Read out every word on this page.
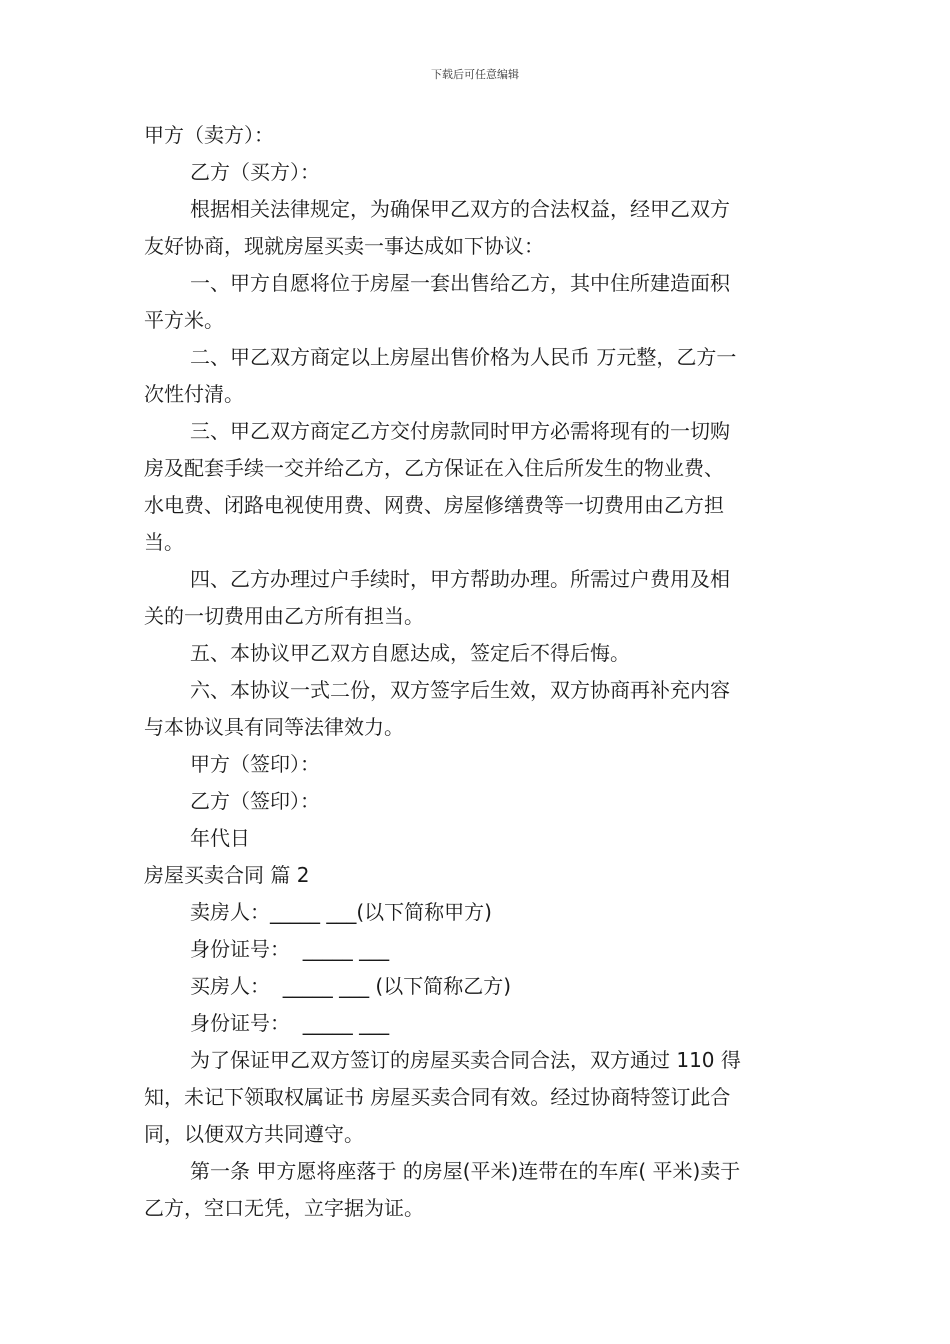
下载后可任意编辑
甲方（卖方）：
乙方（买方）：
根据相关法律规定，为确保甲乙双方的合法权益，经甲乙双方
友好协商，现就房屋买卖一事达成如下协议：
一、甲方自愿将位于房屋一套出售给乙方，其中住所建造面积
平方米。
二、甲乙双方商定以上房屋出售价格为人民币 万元整，乙方一
次性付清。
三、甲乙双方商定乙方交付房款同时甲方必需将现有的一切购
房及配套手续一交并给乙方，乙方保证在入住后所发生的物业费、
水电费、闭路电视使用费、网费、房屋修缮费等一切费用由乙方担
当。
四、乙方办理过户手续时，甲方帮助办理。所需过户费用及相
关的一切费用由乙方所有担当。
五、本协议甲乙双方自愿达成，签定后不得后悔。
六、本协议一式二份，双方签字后生效，双方协商再补充内容
与本协议具有同等法律效力。
甲方（签印）：
乙方（签印）：
年代日
房屋买卖合同 篇 2
卖房人：_____ ___(以下简称甲方)
身份证号：  _____ ___
买房人：  _____ ___ (以下简称乙方)
身份证号：  _____ ___
为了保证甲乙双方签订的房屋买卖合同合法，双方通过 110 得
知，未记下领取权属证书 房屋买卖合同有效。经过协商特签订此合
同，以便双方共同遵守。
第一条 甲方愿将座落于 的房屋(平米)连带在的车库( 平米)卖于
乙方，空口无凭，立字据为证。
